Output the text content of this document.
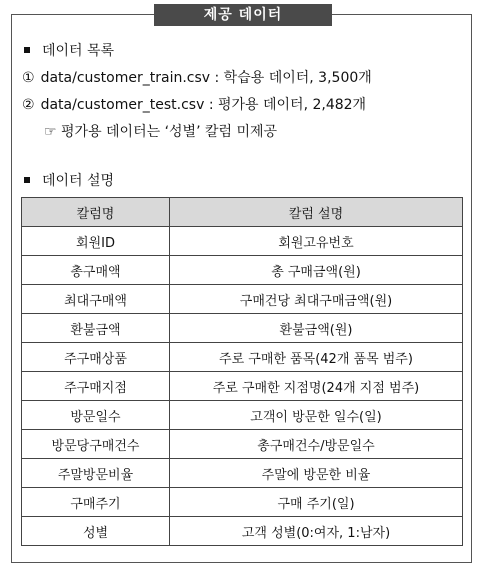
제공 데이터
데이터 목록
① data/customer_train.csv : 학습용 데이터, 3,500개
② data/customer_test.csv : 평가용 데이터, 2,482개
☞ 평가용 데이터는 ‘성별’ 칼럼 미제공
데이터 설명
칼럼명	칼럼 설명
회원ID	회원고유번호
총구매액	총 구매금액(원)
최대구매액	구매건당 최대구매금액(원)
환불금액	환불금액(원)
주구매상품	주로 구매한 품목(42개 품목 범주)
주구매지점	주로 구매한 지점명(24개 지점 범주)
방문일수	고객이 방문한 일수(일)
방문당구매건수	총구매건수/방문일수
주말방문비율	주말에 방문한 비율
구매주기	구매 주기(일)
성별	고객 성별(0:여자, 1:남자)
